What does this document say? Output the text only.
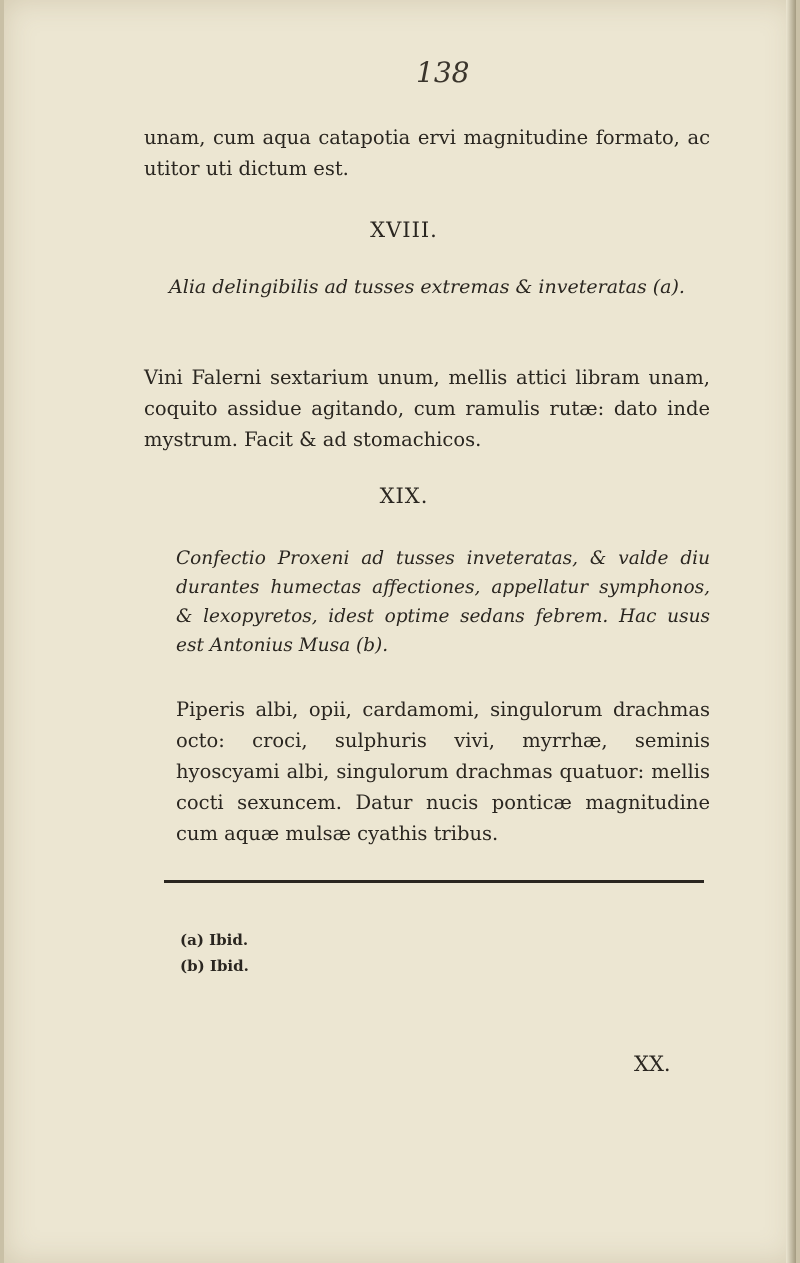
138

unam, cum aqua catapotia ervi magnitudine formato, ac utitor uti dictum est.

XVIII.

Alia delingibilis ad tusses extremas & inveteratas (a).

Vini Falerni sextarium unum, mellis attici libram unam, coquito assidue agitando, cum ramulis rutæ: dato inde mystrum. Facit & ad stomachicos.

XIX.

Confectio Proxeni ad tusses inveteratas, & valde diu durantes humectas affectiones, appellatur symphonos, & lexopyretos, idest optime sedans febrem. Hac usus est Antonius Musa (b).

Piperis albi, opii, cardamomi, singulorum drachmas octo: croci, sulphuris vivi, myrrhæ, seminis hyoscyami albi, singulorum drachmas quatuor: mellis cocti sexuncem. Datur nucis ponticæ magnitudine cum aquæ mulsæ cyathis tribus.

(a) Ibid.
(b) Ibid.
XX.
